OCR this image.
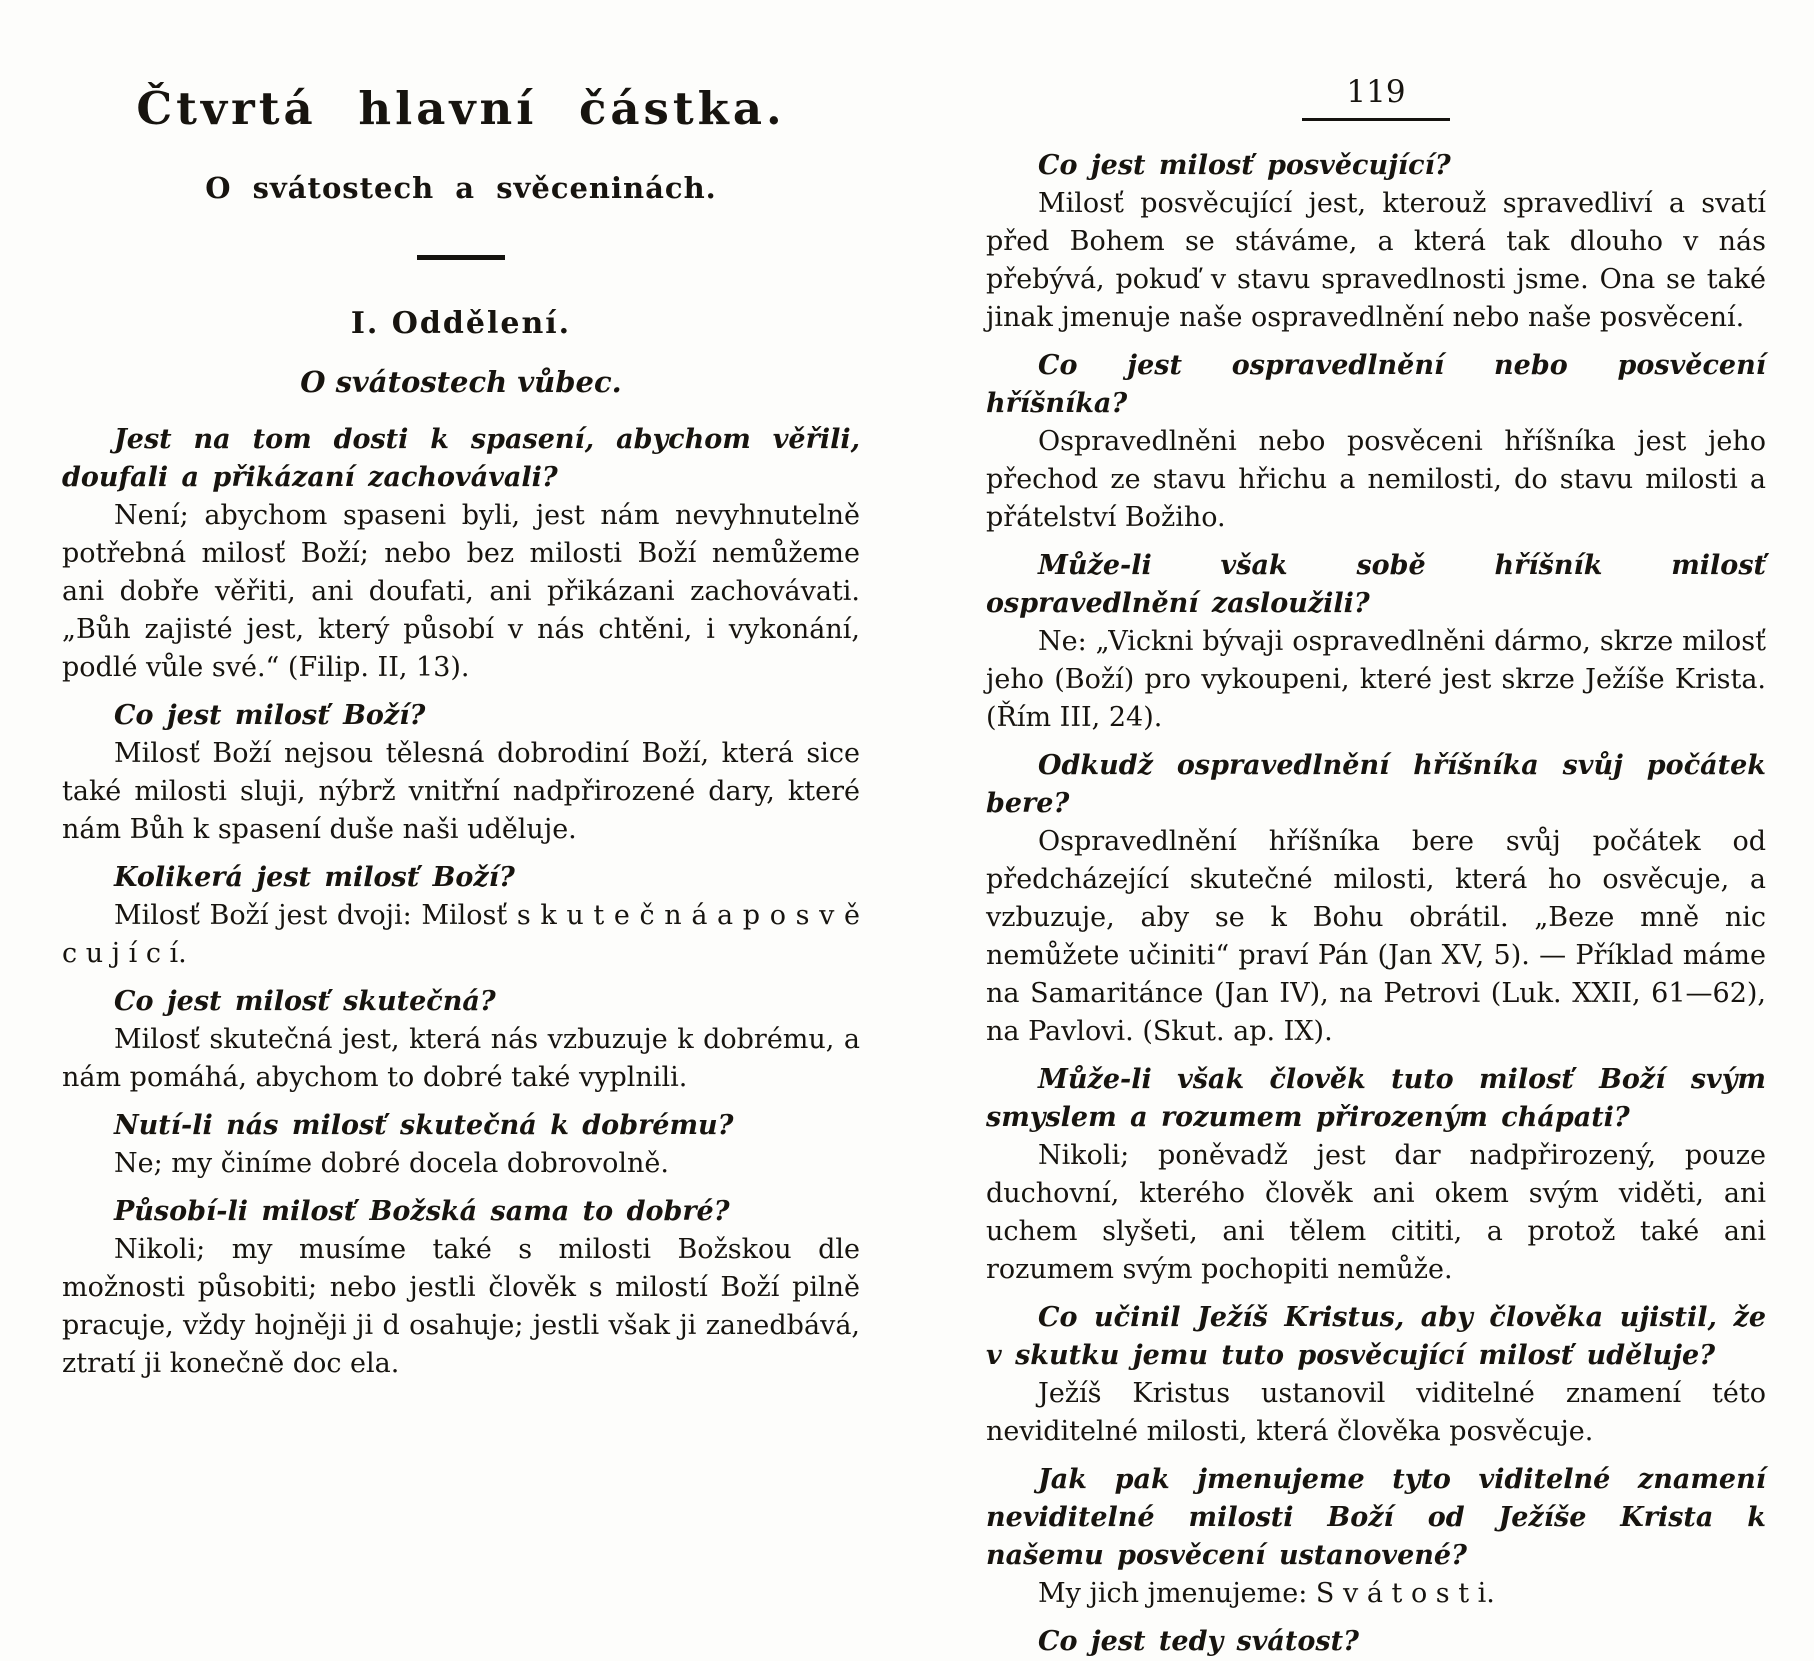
Čtvrtá hlavní částka.
O svátostech a svěceninách.
I. Oddělení.
O svátostech vůbec.

Jest na tom dosti k spasení, abychom věřili, doufali a přikázaní zachovávali?

Není; abychom spaseni byli, jest nám nevyhnutelně potřebná milosť Boží; nebo bez milosti Boží nemůžeme ani dobře věřiti, ani doufati, ani přikázani zachovávati. „Bůh zajisté jest, který působí v nás chtěni, i vykonání, podlé vůle své.“ (Filip. II, 13).

Co jest milosť Boží?

Milosť Boží nejsou tělesná dobrodiní Boží, která sice také milosti sluji, nýbrž vnitřní nadpřirozené dary, které nám Bůh k spasení duše naši uděluje.

Kolikerá jest milosť Boží?

Milosť Boží jest dvoji: Milosť s k u t e č n á a p o s v ě c u j í c í.

Co jest milosť skutečná?

Milosť skutečná jest, která nás vzbuzuje k dobrému, a nám pomáhá, abychom to dobré také vyplnili.

Nutí-li nás milosť skutečná k dobrému?

Ne; my činíme dobré docela dobrovolně.

Působí-li milosť Božská sama to dobré?

Nikoli; my musíme také s milosti Božskou dle možnosti působiti; nebo jestli člověk s milostí Boží pilně pracuje, vždy hojněji ji d osahuje; jestli však ji zanedbává, ztratí ji konečně doc ela.

119

Co jest milosť posvěcující?

Milosť posvěcující jest, kterouž spravedliví a svatí před Bohem se stáváme, a která tak dlouho v nás přebývá, pokuď v stavu spravedlnosti jsme. Ona se také jinak jmenuje naše ospravedlnění nebo naše posvěcení.

Co jest ospravedlnění nebo posvěcení hříšníka?

Ospravedlněni nebo posvěceni hříšníka jest jeho přechod ze stavu hřichu a nemilosti, do stavu milosti a přátelství Božiho.

Může-li však sobě hříšník milosť ospravedlnění zasloužili?

Ne: „Vickni bývaji ospravedlněni dármo, skrze milosť jeho (Boží) pro vykoupeni, které jest skrze Ježíše Krista. (Řím III, 24).

Odkudž ospravedlnění hříšníka svůj počátek bere?

Ospravedlnění hříšníka bere svůj počátek od předcházející skutečné milosti, která ho osvěcuje, a vzbuzuje, aby se k Bohu obrátil. „Beze mně nic nemůžete učiniti“ praví Pán (Jan XV, 5). — Příklad máme na Samaritánce (Jan IV), na Petrovi (Luk. XXII, 61—62), na Pavlovi. (Skut. ap. IX).

Může-li však člověk tuto milosť Boží svým smyslem a rozumem přirozeným chápati?

Nikoli; poněvadž jest dar nadpřirozený, pouze duchovní, kterého člověk ani okem svým viděti, ani uchem slyšeti, ani tělem cititi, a protož také ani rozumem svým pochopiti nemůže.

Co učinil Ježíš Kristus, aby člověka ujistil, že v skutku jemu tuto posvěcující milosť uděluje?

Ježíš Kristus ustanovil viditelné znamení této neviditelné milosti, která člověka posvěcuje.

Jak pak jmenujeme tyto viditelné znamení neviditelné milosti Boží od Ježíše Krista k našemu posvěcení ustanovené?

My jich jmenujeme: S v á t o s t i.

Co jest tedy svátost?
